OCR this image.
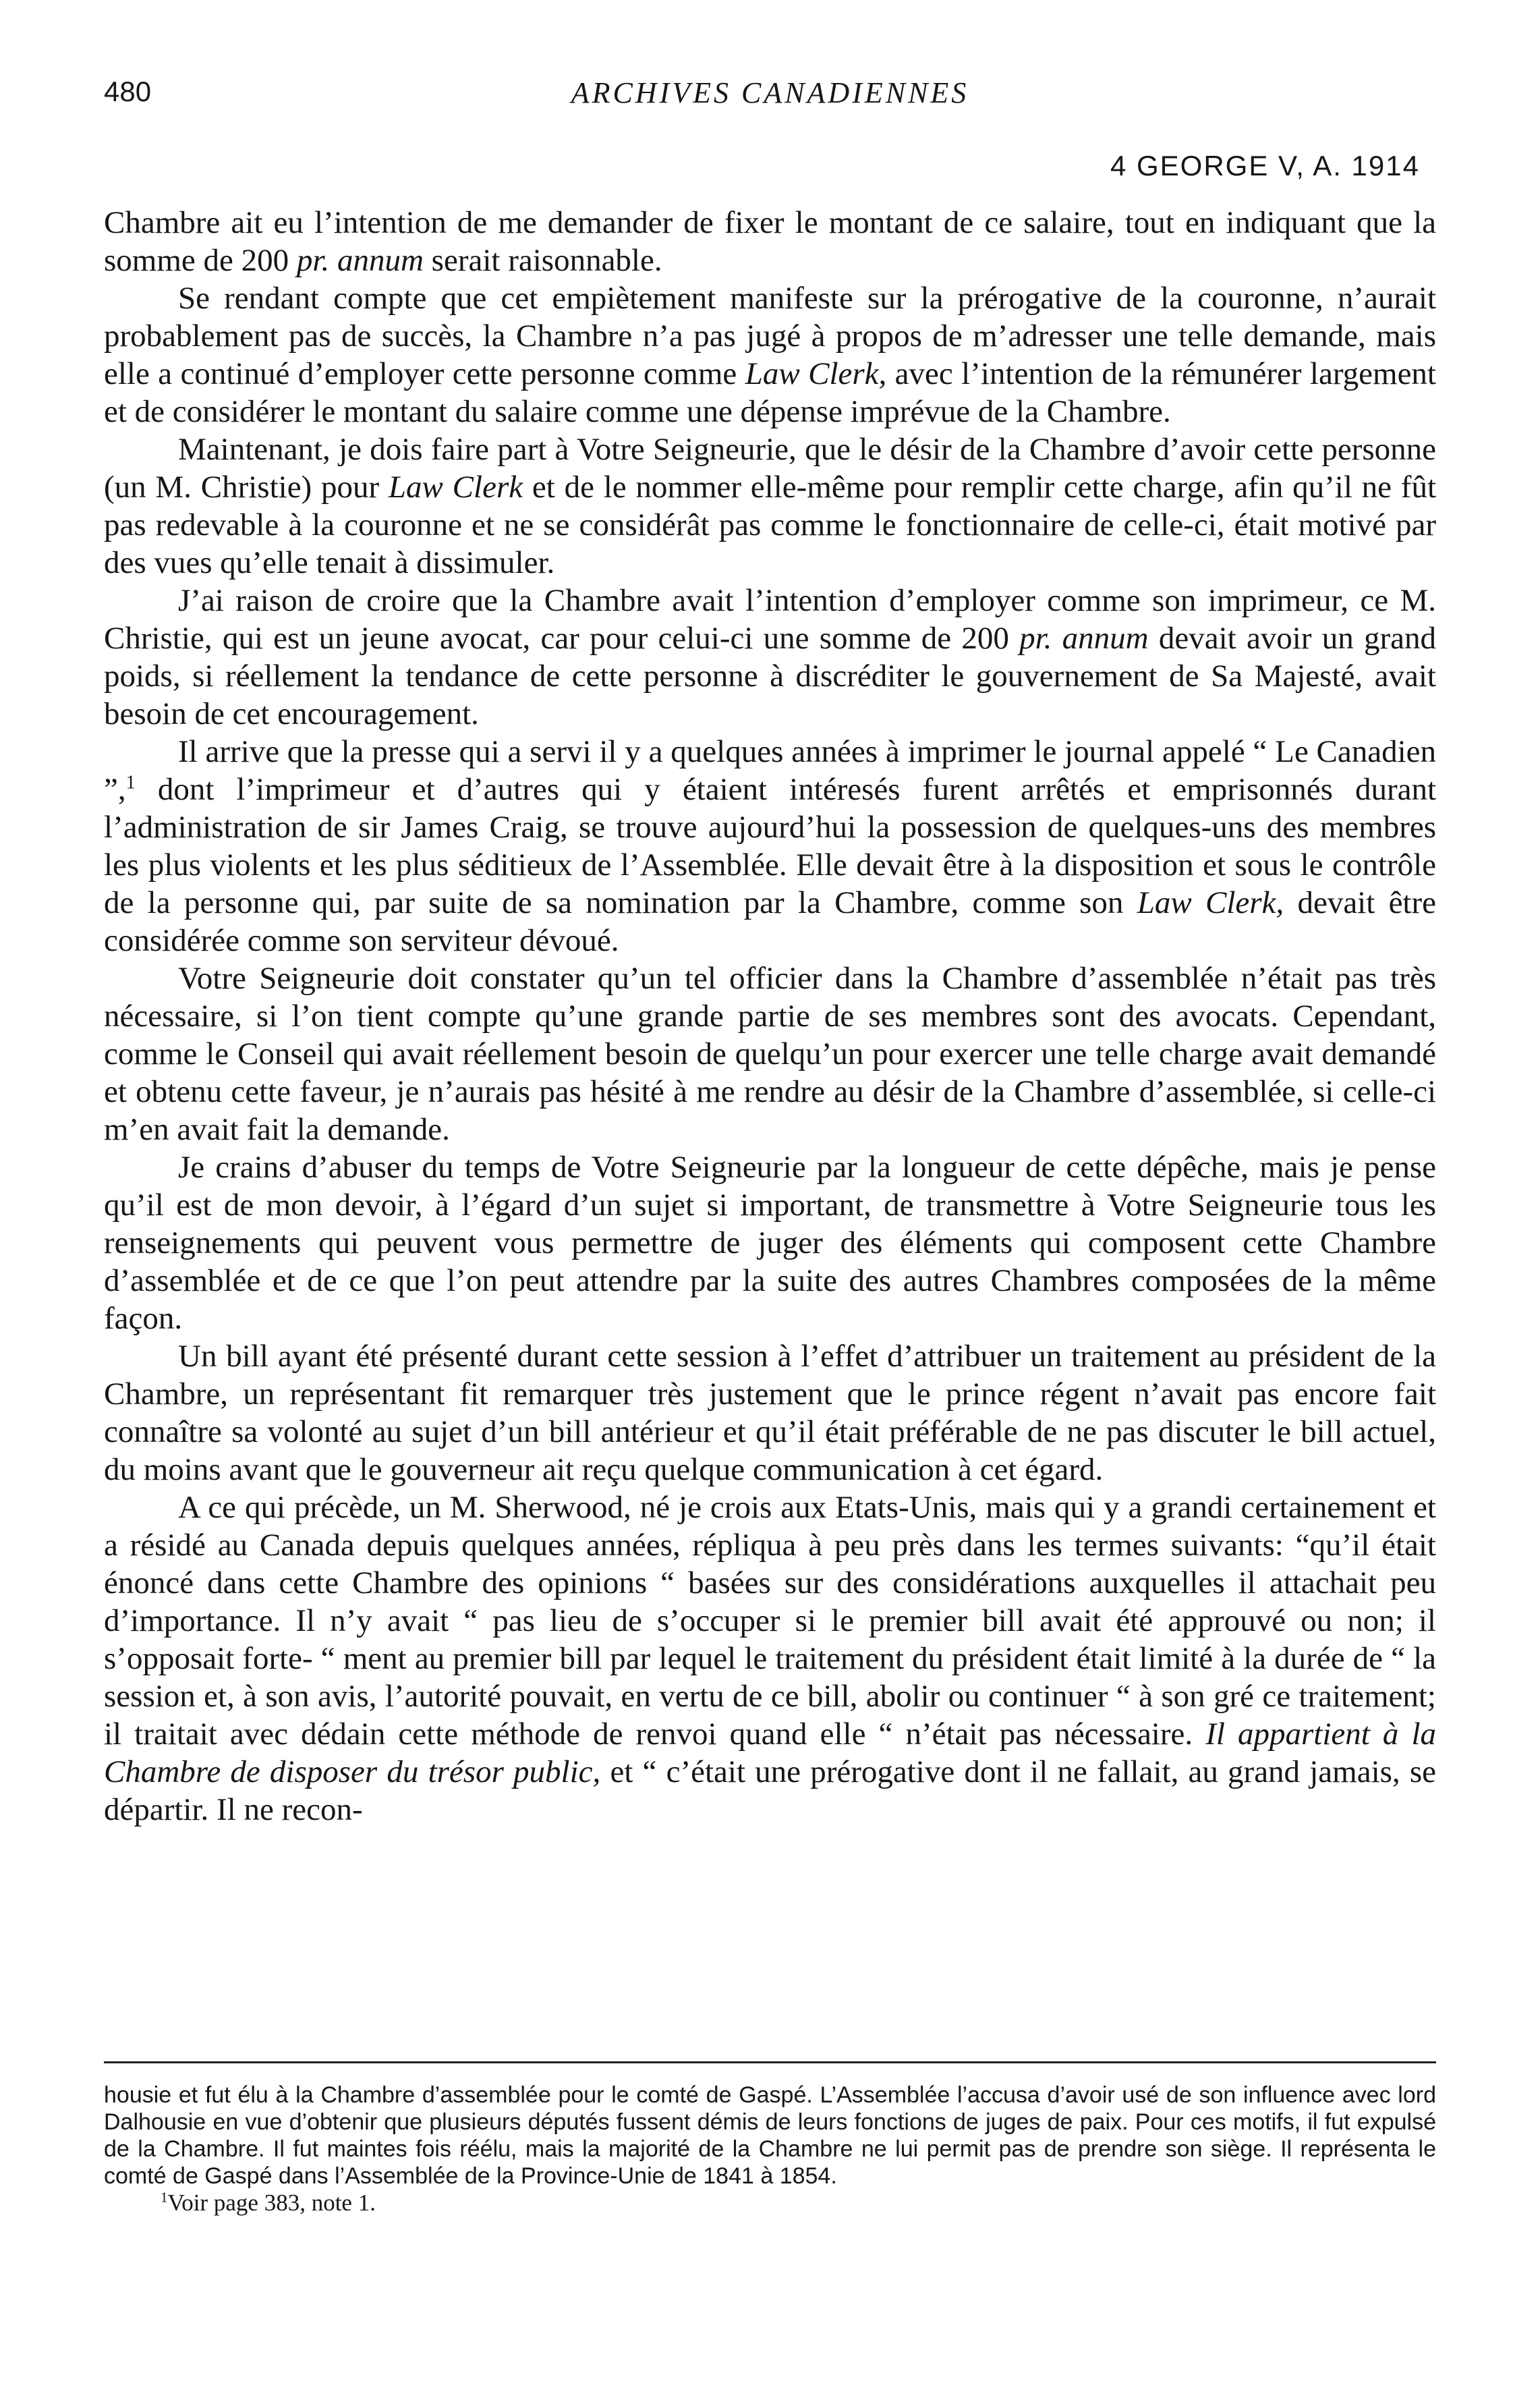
480	ARCHIVES CANADIENNES
4 GEORGE V, A. 1914

Chambre ait eu l’intention de me demander de fixer le montant de ce salaire, tout en indiquant que la somme de 200 pr. annum serait raisonnable.

Se rendant compte que cet empiètement manifeste sur la prérogative de la couronne, n’aurait probablement pas de succès, la Chambre n’a pas jugé à propos de m’adresser une telle demande, mais elle a continué d’employer cette personne comme Law Clerk, avec l’intention de la rémunérer largement et de considérer le montant du salaire comme une dépense imprévue de la Chambre.

Maintenant, je dois faire part à Votre Seigneurie, que le désir de la Chambre d’avoir cette personne (un M. Christie) pour Law Clerk et de le nommer elle-même pour remplir cette charge, afin qu’il ne fût pas redevable à la couronne et ne se considérât pas comme le fonctionnaire de celle-ci, était motivé par des vues qu’elle tenait à dissimuler.

J’ai raison de croire que la Chambre avait l’intention d’employer comme son imprimeur, ce M. Christie, qui est un jeune avocat, car pour celui-ci une somme de 200 pr. annum devait avoir un grand poids, si réellement la tendance de cette personne à discréditer le gouvernement de Sa Majesté, avait besoin de cet encouragement.

Il arrive que la presse qui a servi il y a quelques années à imprimer le journal appelé “ Le Canadien ”,$^1$ dont l’imprimeur et d’autres qui y étaient intéresés furent arrêtés et emprisonnés durant l’administration de sir James Craig, se trouve aujourd’hui la possession de quelques-uns des membres les plus violents et les plus séditieux de l’Assemblée. Elle devait être à la disposition et sous le contrôle de la personne qui, par suite de sa nomination par la Chambre, comme son Law Clerk, devait être considérée comme son serviteur dévoué.

Votre Seigneurie doit constater qu’un tel officier dans la Chambre d’assemblée n’était pas très nécessaire, si l’on tient compte qu’une grande partie de ses membres sont des avocats. Cependant, comme le Conseil qui avait réellement besoin de quelqu’un pour exercer une telle charge avait demandé et obtenu cette faveur, je n’aurais pas hésité à me rendre au désir de la Chambre d’assemblée, si celle-ci m’en avait fait la demande.

Je crains d’abuser du temps de Votre Seigneurie par la longueur de cette dépêche, mais je pense qu’il est de mon devoir, à l’égard d’un sujet si important, de transmettre à Votre Seigneurie tous les renseignements qui peuvent vous permettre de juger des éléments qui composent cette Chambre d’assemblée et de ce que l’on peut attendre par la suite des autres Chambres composées de la même façon.

Un bill ayant été présenté durant cette session à l’effet d’attribuer un traitement au président de la Chambre, un représentant fit remarquer très justement que le prince régent n’avait pas encore fait connaître sa volonté au sujet d’un bill antérieur et qu’il était préférable de ne pas discuter le bill actuel, du moins avant que le gouverneur ait reçu quelque communication à cet égard.

A ce qui précède, un M. Sherwood, né je crois aux Etats-Unis, mais qui y a grandi certainement et a résidé au Canada depuis quelques années, répliqua à peu près dans les termes suivants: “qu’il était énoncé dans cette Chambre des opinions “ basées sur des considérations auxquelles il attachait peu d’importance. Il n’y avait “ pas lieu de s’occuper si le premier bill avait été approuvé ou non; il s’opposait forte- “ ment au premier bill par lequel le traitement du président était limité à la durée de “ la session et, à son avis, l’autorité pouvait, en vertu de ce bill, abolir ou continuer “ à son gré ce traitement; il traitait avec dédain cette méthode de renvoi quand elle “ n’était pas nécessaire. Il appartient à la Chambre de disposer du trésor public, et “ c’était une prérogative dont il ne fallait, au grand jamais, se départir. Il ne recon-

housie et fut élu à la Chambre d’assemblée pour le comté de Gaspé. L’Assemblée l’accusa d’avoir usé de son influence avec lord Dalhousie en vue d’obtenir que plusieurs députés fussent démis de leurs fonctions de juges de paix. Pour ces motifs, il fut expulsé de la Chambre. Il fut maintes fois réélu, mais la majorité de la Chambre ne lui permit pas de prendre son siège. Il représenta le comté de Gaspé dans l’Assemblée de la Province-Unie de 1841 à 1854.

$^1$Voir page 383, note 1.
